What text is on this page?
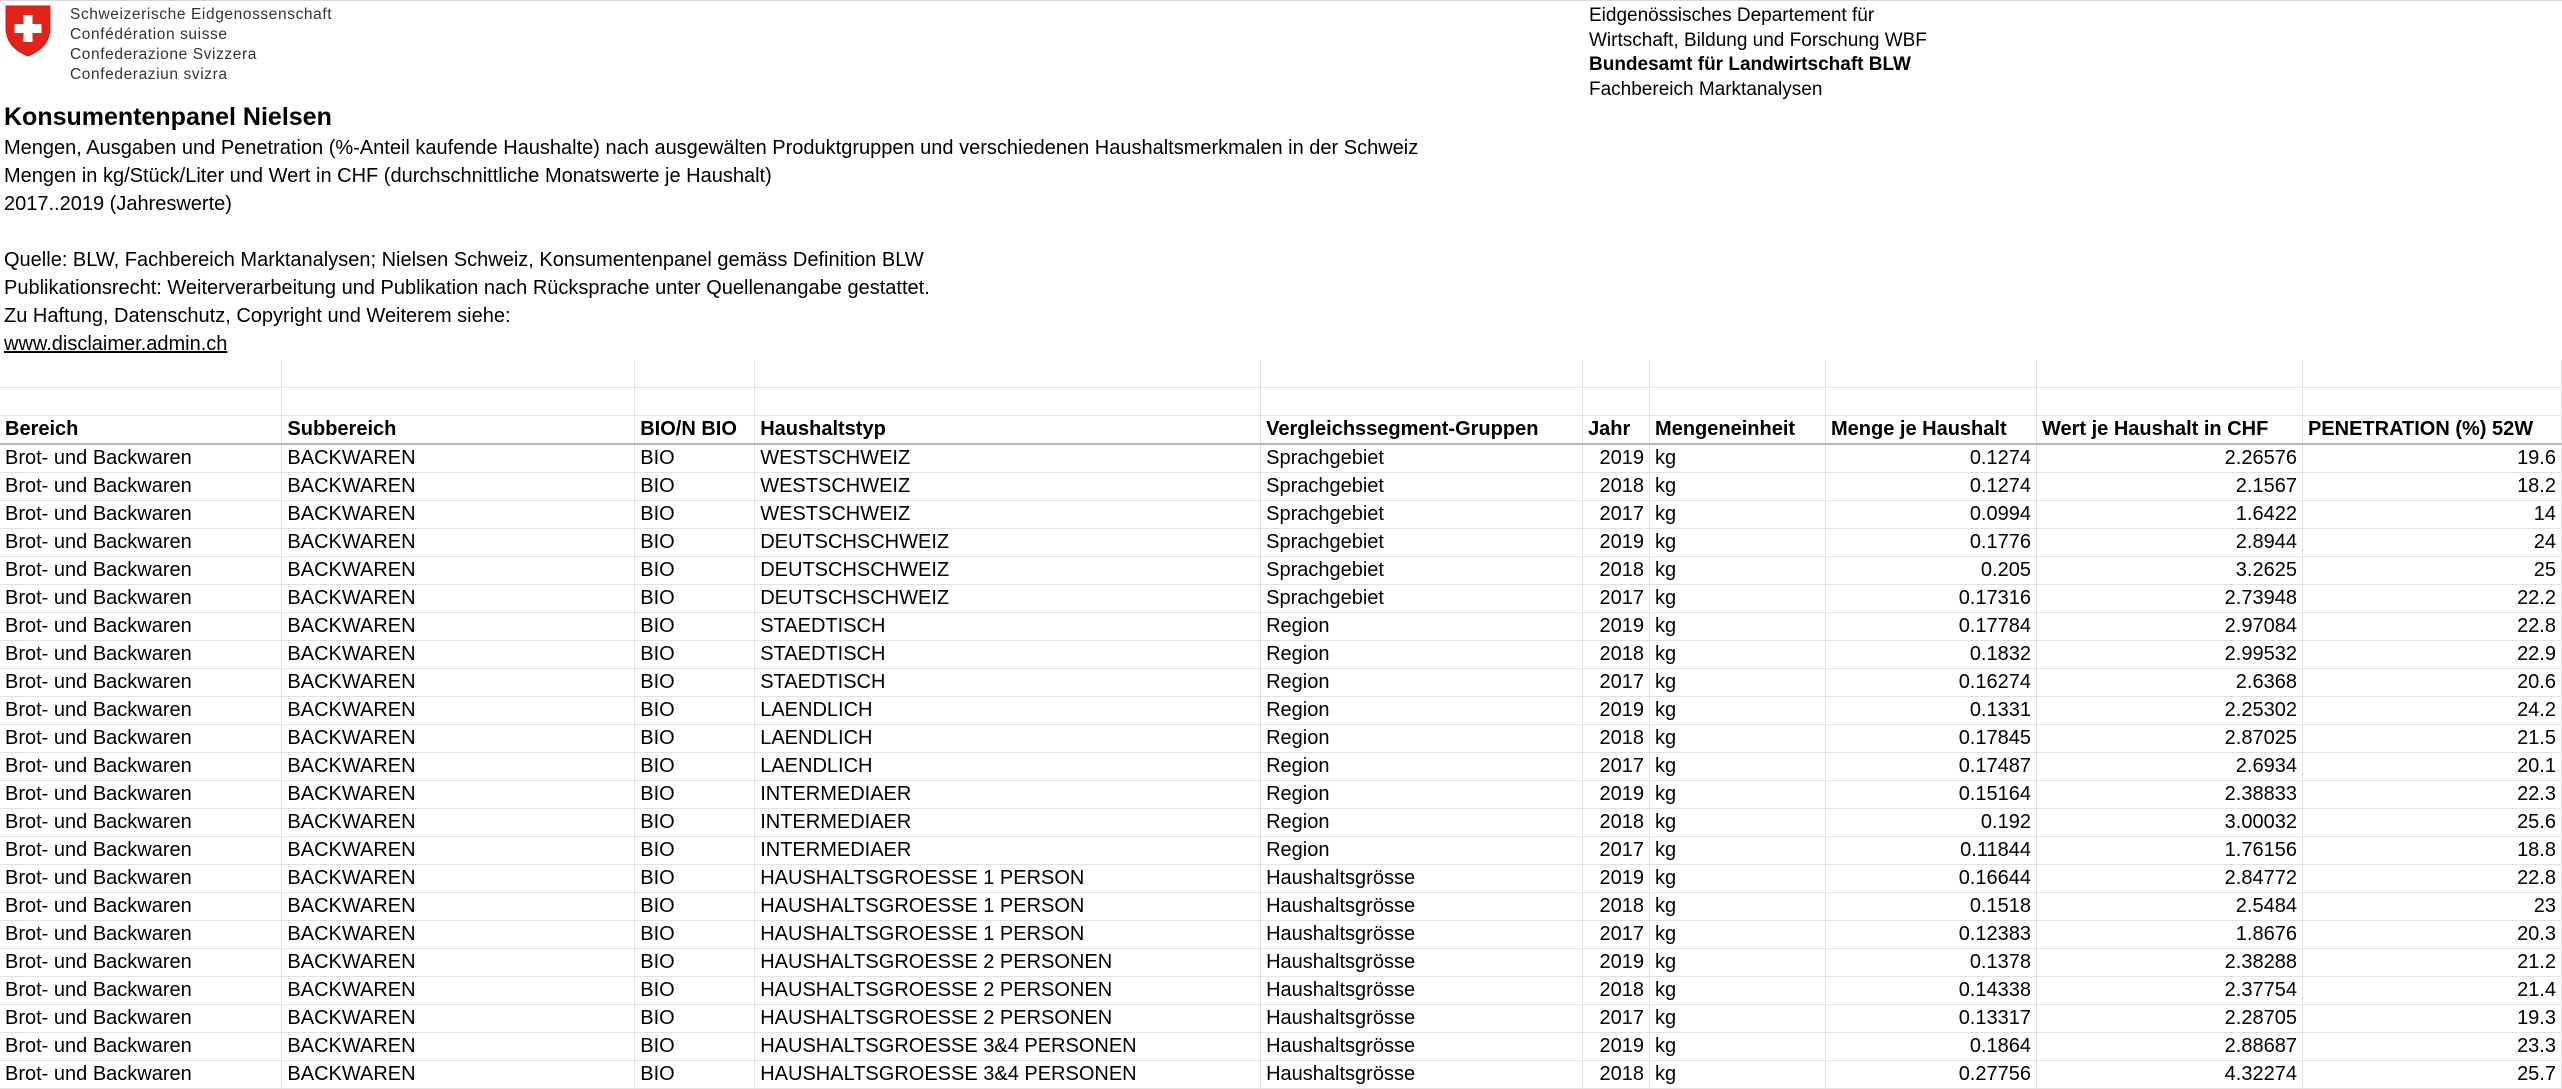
Schweizerische Eidgenossenschaft
Confédération suisse
Confederazione Svizzera
Confederaziun svizra
Eidgenössisches Departement für
Wirtschaft, Bildung und Forschung WBF
Bundesamt für Landwirtschaft BLW
Fachbereich Marktanalysen
Konsumentenpanel Nielsen
Mengen, Ausgaben und Penetration (%-Anteil kaufende Haushalte) nach ausgewälten Produktgruppen und verschiedenen Haushaltsmerkmalen in der Schweiz
Mengen in kg/Stück/Liter und Wert in CHF (durchschnittliche Monatswerte je Haushalt)
2017..2019 (Jahreswerte)
Quelle: BLW, Fachbereich Marktanalysen; Nielsen Schweiz, Konsumentenpanel gemäss Definition BLW
Publikationsrecht: Weiterverarbeitung und Publikation nach Rücksprache unter Quellenangabe gestattet.
Zu Haftung, Datenschutz, Copyright und Weiterem siehe:
www.disclaimer.admin.ch

Bereich	Subbereich	BIO/N BIO	Haushaltstyp	Vergleichssegment-Gruppen	Jahr	Mengeneinheit	Menge je Haushalt	Wert je Haushalt in CHF	PENETRATION (%) 52W
Brot- und Backwaren	BACKWAREN	BIO	WESTSCHWEIZ	Sprachgebiet	2019	kg	0.1274	2.26576	19.6
Brot- und Backwaren	BACKWAREN	BIO	WESTSCHWEIZ	Sprachgebiet	2018	kg	0.1274	2.1567	18.2
Brot- und Backwaren	BACKWAREN	BIO	WESTSCHWEIZ	Sprachgebiet	2017	kg	0.0994	1.6422	14
Brot- und Backwaren	BACKWAREN	BIO	DEUTSCHSCHWEIZ	Sprachgebiet	2019	kg	0.1776	2.8944	24
Brot- und Backwaren	BACKWAREN	BIO	DEUTSCHSCHWEIZ	Sprachgebiet	2018	kg	0.205	3.2625	25
Brot- und Backwaren	BACKWAREN	BIO	DEUTSCHSCHWEIZ	Sprachgebiet	2017	kg	0.17316	2.73948	22.2
Brot- und Backwaren	BACKWAREN	BIO	STAEDTISCH	Region	2019	kg	0.17784	2.97084	22.8
Brot- und Backwaren	BACKWAREN	BIO	STAEDTISCH	Region	2018	kg	0.1832	2.99532	22.9
Brot- und Backwaren	BACKWAREN	BIO	STAEDTISCH	Region	2017	kg	0.16274	2.6368	20.6
Brot- und Backwaren	BACKWAREN	BIO	LAENDLICH	Region	2019	kg	0.1331	2.25302	24.2
Brot- und Backwaren	BACKWAREN	BIO	LAENDLICH	Region	2018	kg	0.17845	2.87025	21.5
Brot- und Backwaren	BACKWAREN	BIO	LAENDLICH	Region	2017	kg	0.17487	2.6934	20.1
Brot- und Backwaren	BACKWAREN	BIO	INTERMEDIAER	Region	2019	kg	0.15164	2.38833	22.3
Brot- und Backwaren	BACKWAREN	BIO	INTERMEDIAER	Region	2018	kg	0.192	3.00032	25.6
Brot- und Backwaren	BACKWAREN	BIO	INTERMEDIAER	Region	2017	kg	0.11844	1.76156	18.8
Brot- und Backwaren	BACKWAREN	BIO	HAUSHALTSGROESSE 1 PERSON	Haushaltsgrösse	2019	kg	0.16644	2.84772	22.8
Brot- und Backwaren	BACKWAREN	BIO	HAUSHALTSGROESSE 1 PERSON	Haushaltsgrösse	2018	kg	0.1518	2.5484	23
Brot- und Backwaren	BACKWAREN	BIO	HAUSHALTSGROESSE 1 PERSON	Haushaltsgrösse	2017	kg	0.12383	1.8676	20.3
Brot- und Backwaren	BACKWAREN	BIO	HAUSHALTSGROESSE 2 PERSONEN	Haushaltsgrösse	2019	kg	0.1378	2.38288	21.2
Brot- und Backwaren	BACKWAREN	BIO	HAUSHALTSGROESSE 2 PERSONEN	Haushaltsgrösse	2018	kg	0.14338	2.37754	21.4
Brot- und Backwaren	BACKWAREN	BIO	HAUSHALTSGROESSE 2 PERSONEN	Haushaltsgrösse	2017	kg	0.13317	2.28705	19.3
Brot- und Backwaren	BACKWAREN	BIO	HAUSHALTSGROESSE 3&4 PERSONEN	Haushaltsgrösse	2019	kg	0.1864	2.88687	23.3
Brot- und Backwaren	BACKWAREN	BIO	HAUSHALTSGROESSE 3&4 PERSONEN	Haushaltsgrösse	2018	kg	0.27756	4.32274	25.7
